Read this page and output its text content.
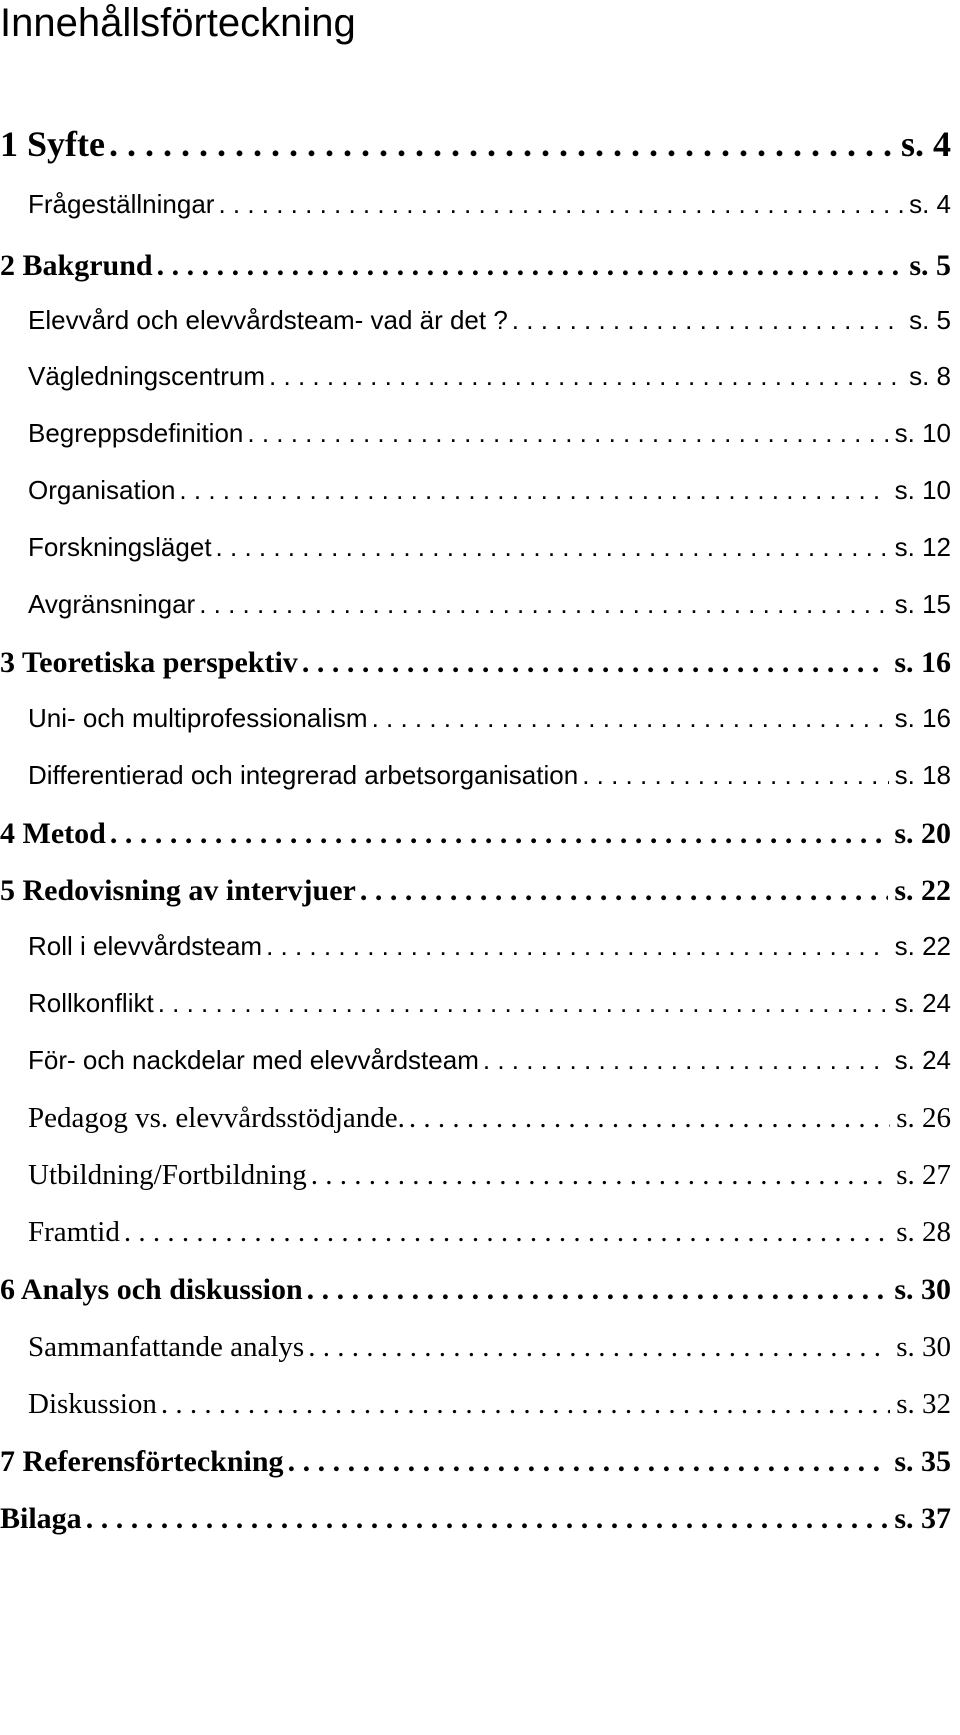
Innehållsförteckning
1 Syfte . . .	s. 4
Frågeställningar . . .	s. 4
2 Bakgrund . . .	s. 5
Elevvård och elevvårdsteam- vad är det ? . . .	s. 5
Vägledningscentrum . . .	s. 8
Begreppsdefinition . . .	s. 10
Organisation . . .	s. 10
Forskningsläget . . .	s. 12
Avgränsningar . . .	s. 15
3 Teoretiska perspektiv . . .	s. 16
Uni- och multiprofessionalism . . .	s. 16
Differentierad och integrerad arbetsorganisation . . .	s. 18
4 Metod . . .	s. 20
5 Redovisning av intervjuer . . .	s. 22
Roll i elevvårdsteam . . .	s. 22
Rollkonflikt . . .	s. 24
För- och nackdelar med elevvårdsteam . . .	s. 24
Pedagog vs. elevvårdsstödjande. . . .	s. 26
Utbildning/Fortbildning . . .	s. 27
Framtid . . .	s. 28
6 Analys och diskussion . . .	s. 30
Sammanfattande analys . . .	s. 30
Diskussion . . .	s. 32
7 Referensförteckning . . .	s. 35
Bilaga . . .	s. 37
